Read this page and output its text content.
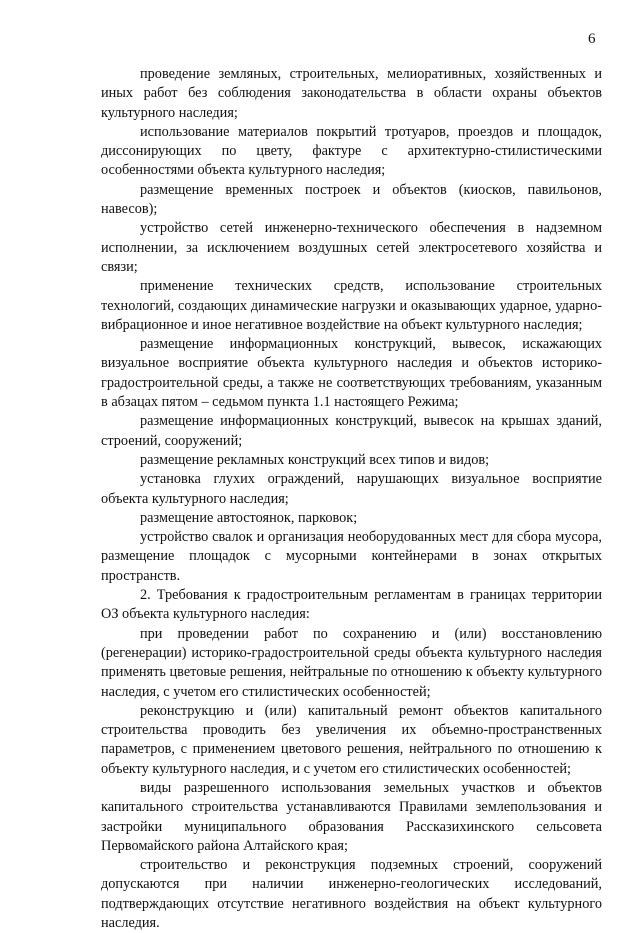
6

проведение земляных, строительных, мелиоративных, хозяйственных и иных работ без соблюдения законодательства в области охраны объектов культурного наследия;

использование материалов покрытий тротуаров, проездов и площадок, диссонирующих по цвету, фактуре с архитектурно-стилистическими особенностями объекта культурного наследия;

размещение временных построек и объектов (киосков, павильонов, навесов);

устройство сетей инженерно-технического обеспечения в надземном исполнении, за исключением воздушных сетей электросетевого хозяйства и связи;

применение технических средств, использование строительных технологий, создающих динамические нагрузки и оказывающих ударное, ударно-вибрационное и иное негативное воздействие на объект культурного наследия;

размещение информационных конструкций, вывесок, искажающих визуальное восприятие объекта культурного наследия и объектов историко-градостроительной среды, а также не соответствующих требованиям, указанным в абзацах пятом – седьмом пункта 1.1 настоящего Режима;

размещение информационных конструкций, вывесок на крышах зданий, строений, сооружений;

размещение рекламных конструкций всех типов и видов;

установка глухих ограждений, нарушающих визуальное восприятие объекта культурного наследия;

размещение автостоянок, парковок;

устройство свалок и организация необорудованных мест для сбора мусора, размещение площадок с мусорными контейнерами в зонах открытых пространств.

2. Требования к градостроительным регламентам в границах территории ОЗ объекта культурного наследия:

при проведении работ по сохранению и (или) восстановлению (регенерации) историко-градостроительной среды объекта культурного наследия применять цветовые решения, нейтральные по отношению к объекту культурного наследия, с учетом его стилистических особенностей;

реконструкцию и (или) капитальный ремонт объектов капитального строительства проводить без увеличения их объемно-пространственных параметров, с применением цветового решения, нейтрального по отношению к объекту культурного наследия, и с учетом его стилистических особенностей;

виды разрешенного использования земельных участков и объектов капитального строительства устанавливаются Правилами землепользования и застройки муниципального образования Рассказихинского сельсовета Первомайского района Алтайского края;

строительство и реконструкция подземных строений, сооружений допускаются при наличии инженерно-геологических исследований, подтверждающих отсутствие негативного воздействия на объект культурного наследия.
